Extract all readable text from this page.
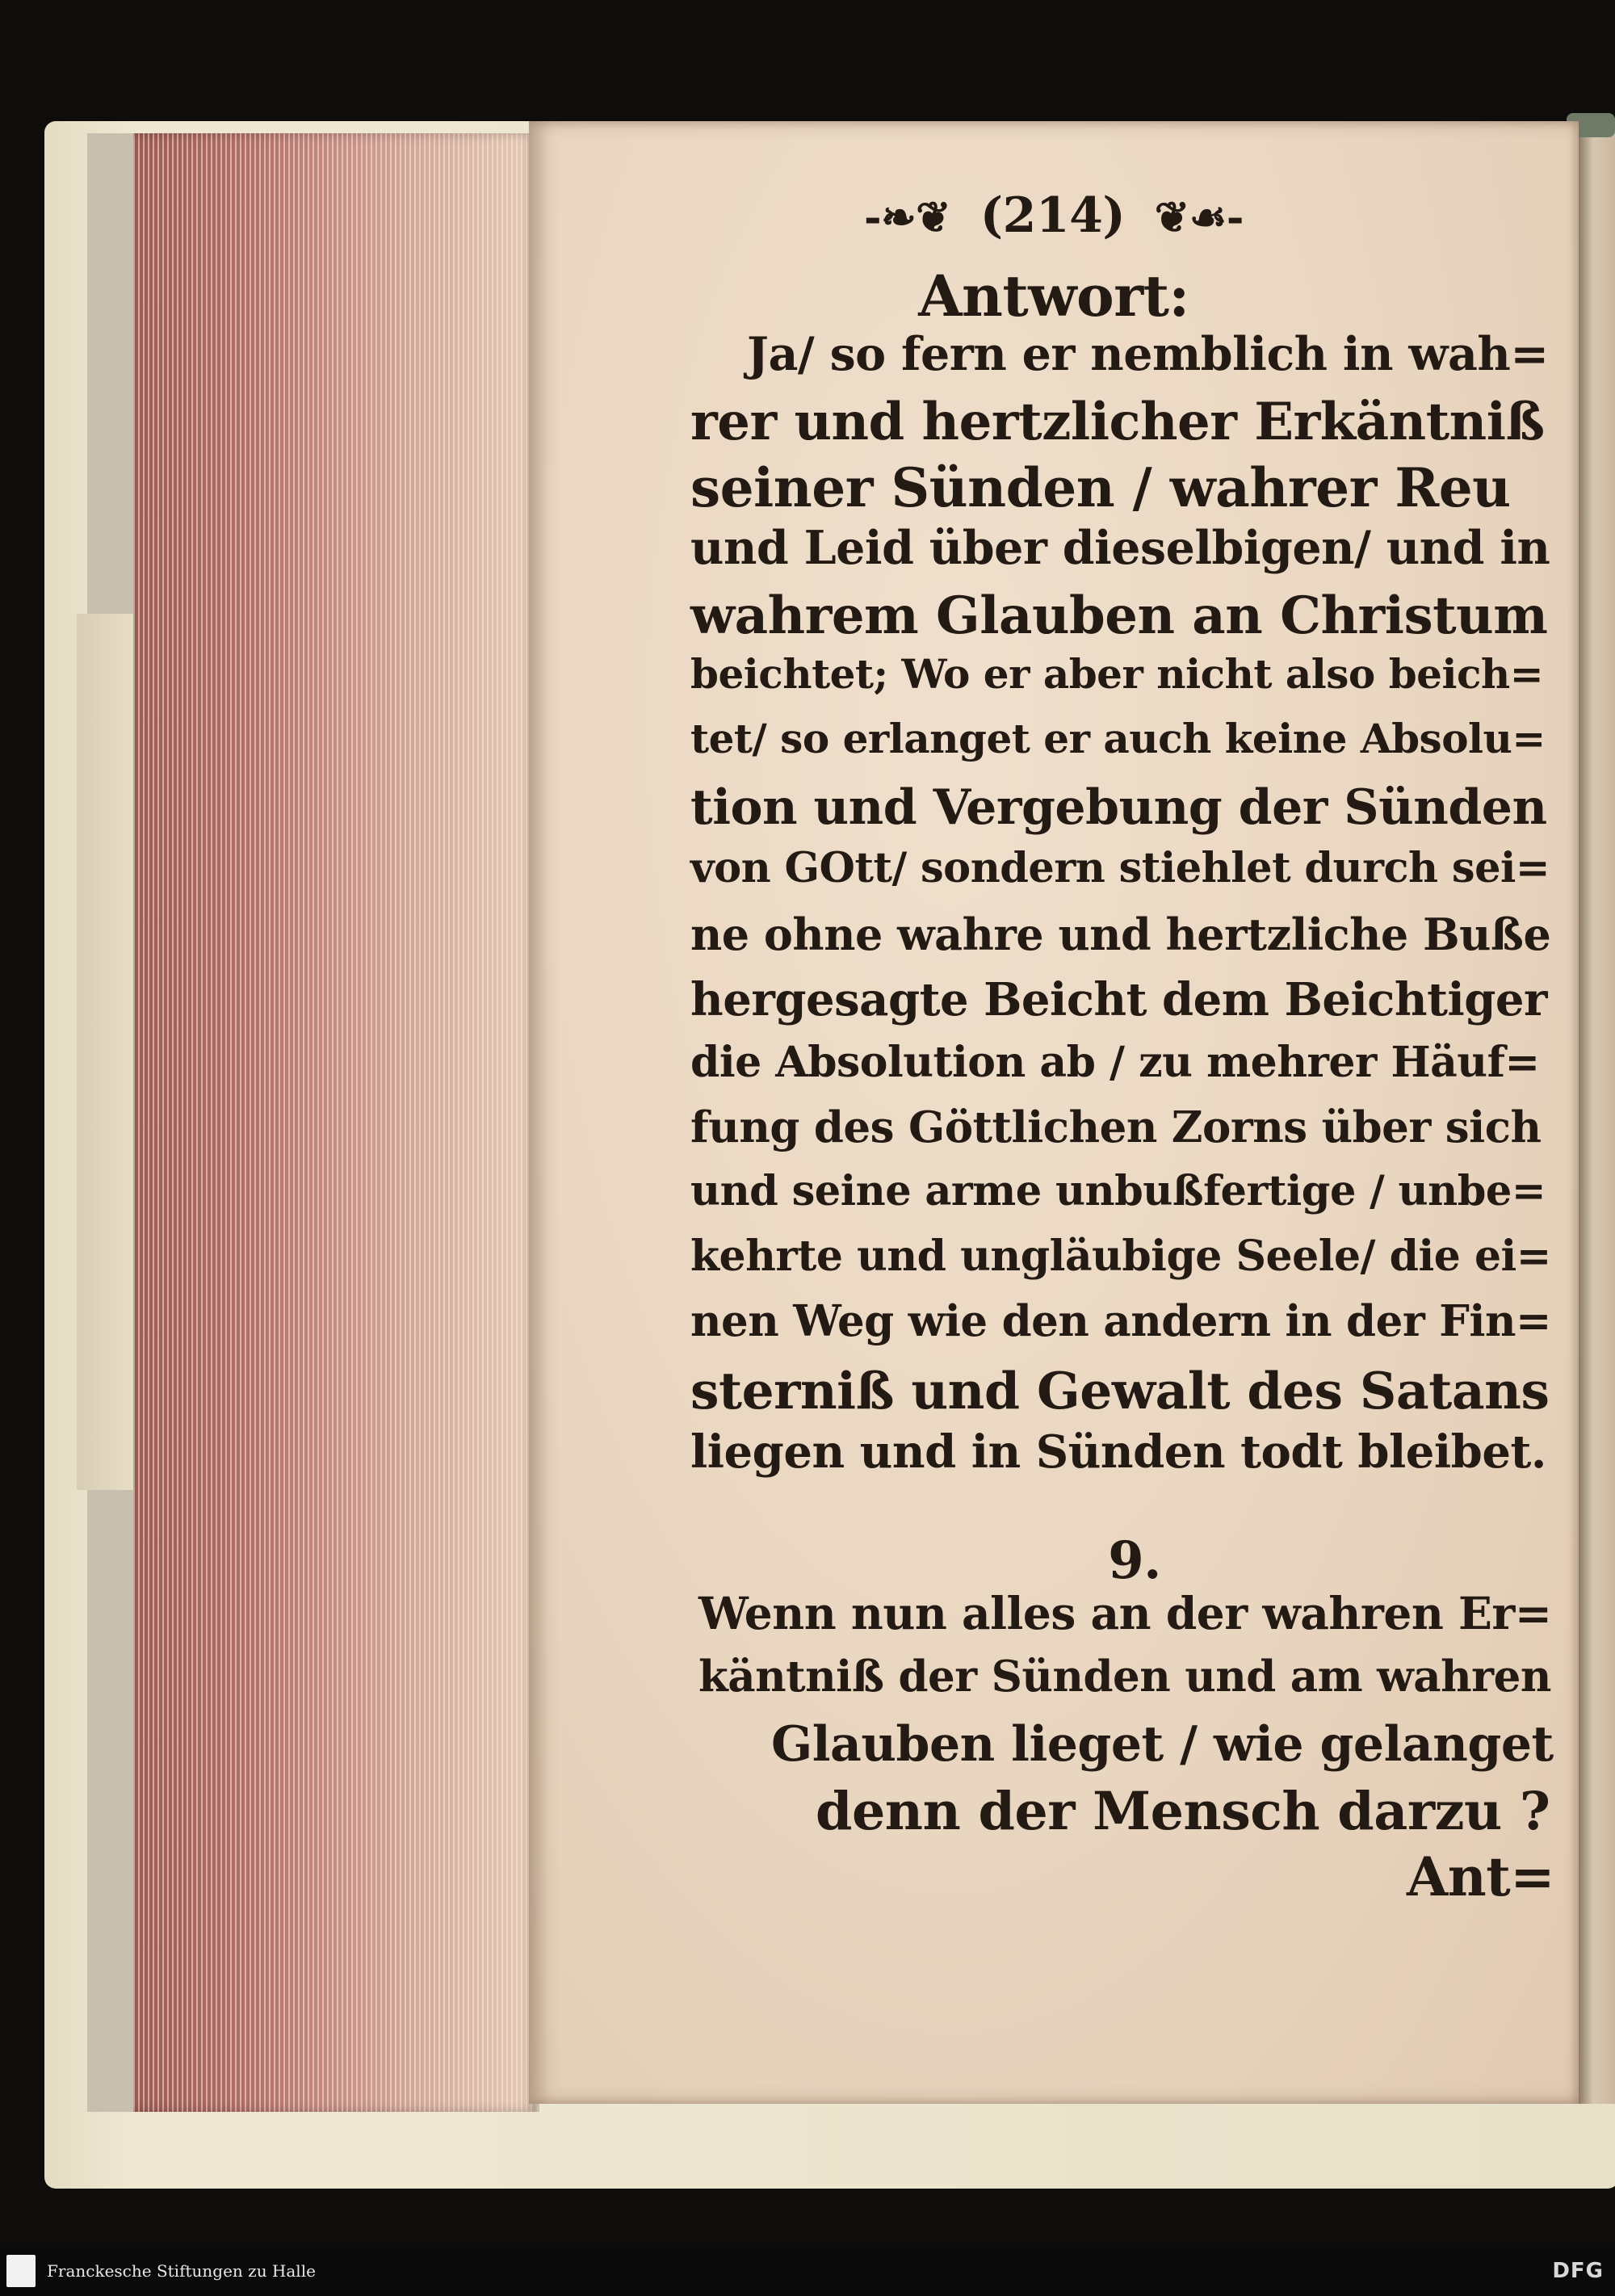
-❧❦ (214) ❦☙-
Antwort:
Ja/ so fern er nemblich in wah=
rer und hertzlicher Erkäntniß
seiner Sünden / wahrer Reu
und Leid über dieselbigen/ und in
wahrem Glauben an Christum
beichtet; Wo er aber nicht also beich=
tet/ so erlanget er auch keine Absolu=
tion und Vergebung der Sünden
von GOtt/ sondern stiehlet durch sei=
ne ohne wahre und hertzliche Buße
hergesagte Beicht dem Beichtiger
die Absolution ab / zu mehrer Häuf=
fung des Göttlichen Zorns über sich
und seine arme unbußfertige / unbe=
kehrte und ungläubige Seele/ die ei=
nen Weg wie den andern in der Fin=
sterniß und Gewalt des Satans
liegen und in Sünden todt bleibet.
9.
Wenn nun alles an der wahren Er=
käntniß der Sünden und am wahren
Glauben lieget / wie gelanget
denn der Mensch darzu ?
Ant=
Franckesche Stiftungen zu Halle	DFG
